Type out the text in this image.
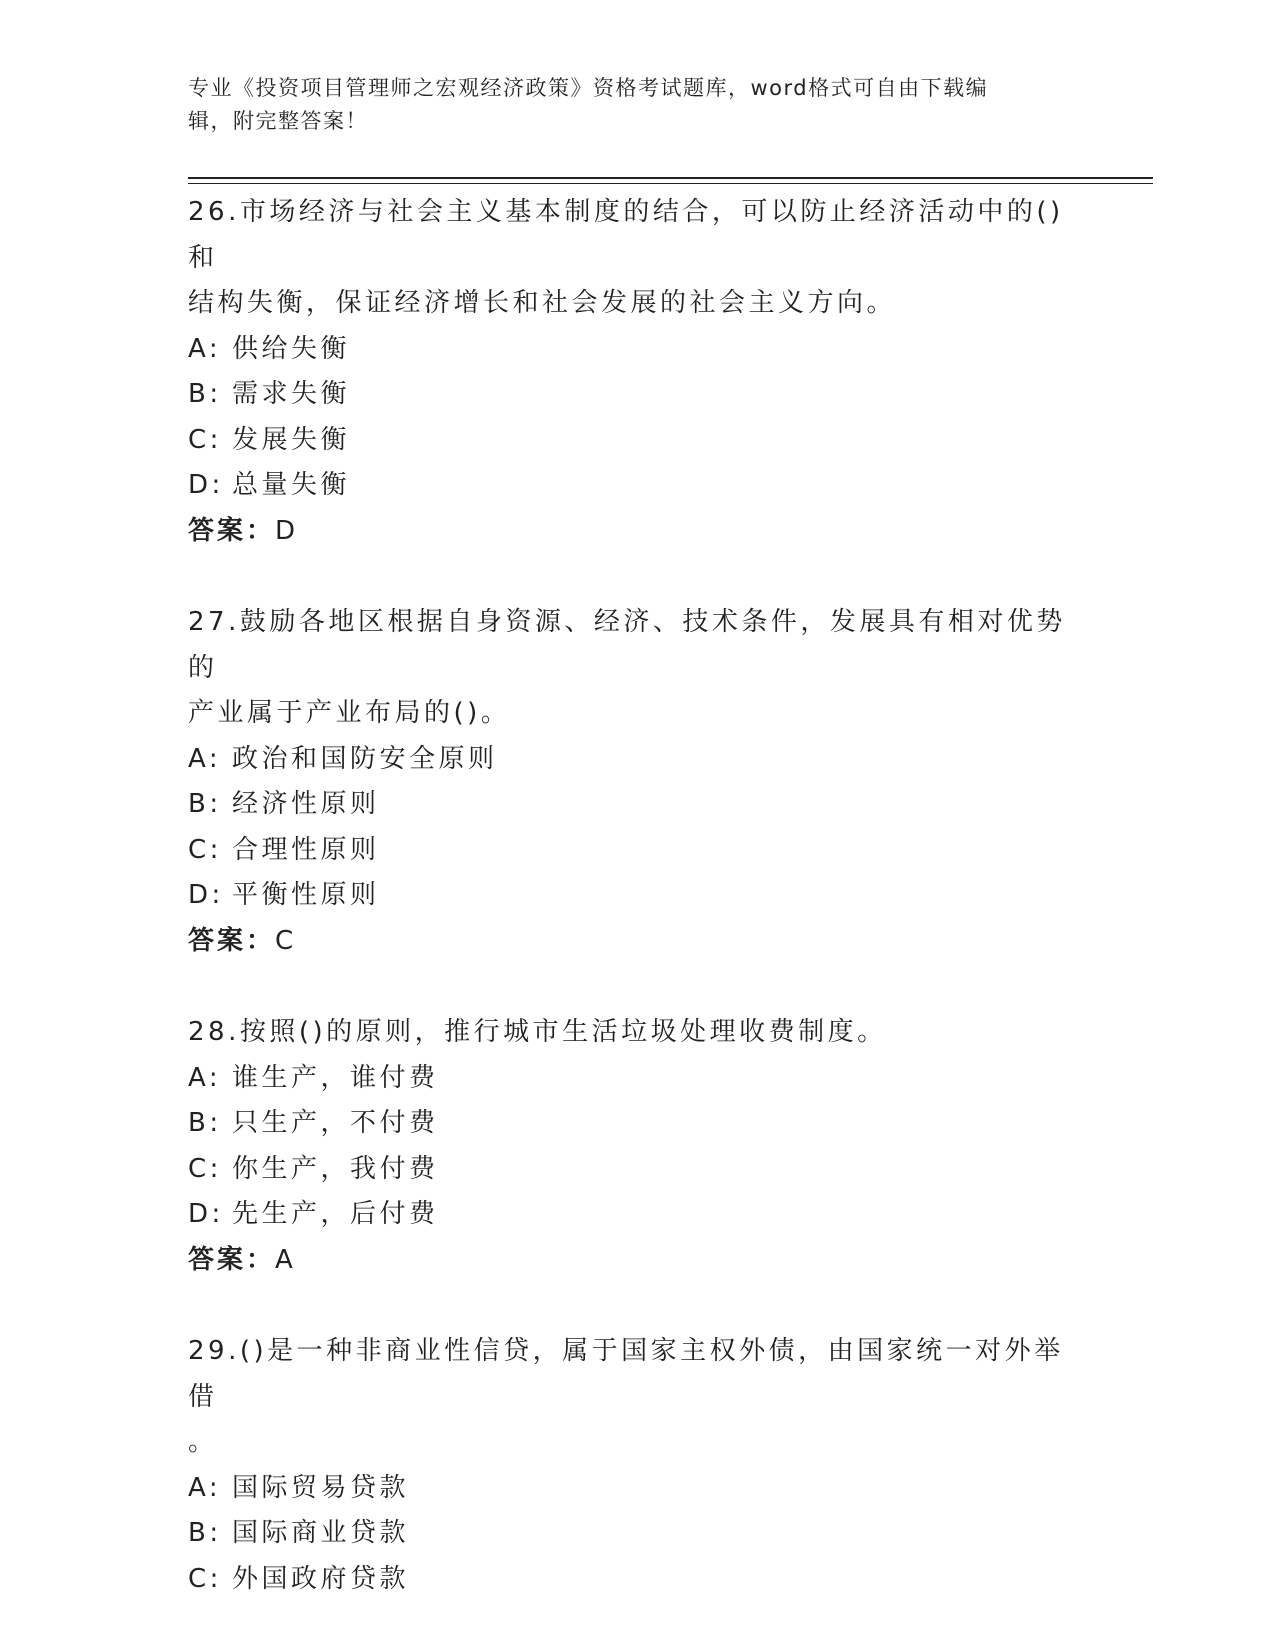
专业《投资项目管理师之宏观经济政策》资格考试题库，word格式可自由下载编
辑，附完整答案！
26.市场经济与社会主义基本制度的结合，可以防止经济活动中的()和
结构失衡，保证经济增长和社会发展的社会主义方向。
A: 供给失衡
B: 需求失衡
C: 发展失衡
D: 总量失衡
答案： D
27.鼓励各地区根据自身资源、经济、技术条件，发展具有相对优势的
产业属于产业布局的()。
A: 政治和国防安全原则
B: 经济性原则
C: 合理性原则
D: 平衡性原则
答案： C
28.按照()的原则，推行城市生活垃圾处理收费制度。
A: 谁生产，谁付费
B: 只生产，不付费
C: 你生产，我付费
D: 先生产，后付费
答案： A
29.()是一种非商业性信贷，属于国家主权外债，由国家统一对外举借
。
A: 国际贸易贷款
B: 国际商业贷款
C: 外国政府贷款
